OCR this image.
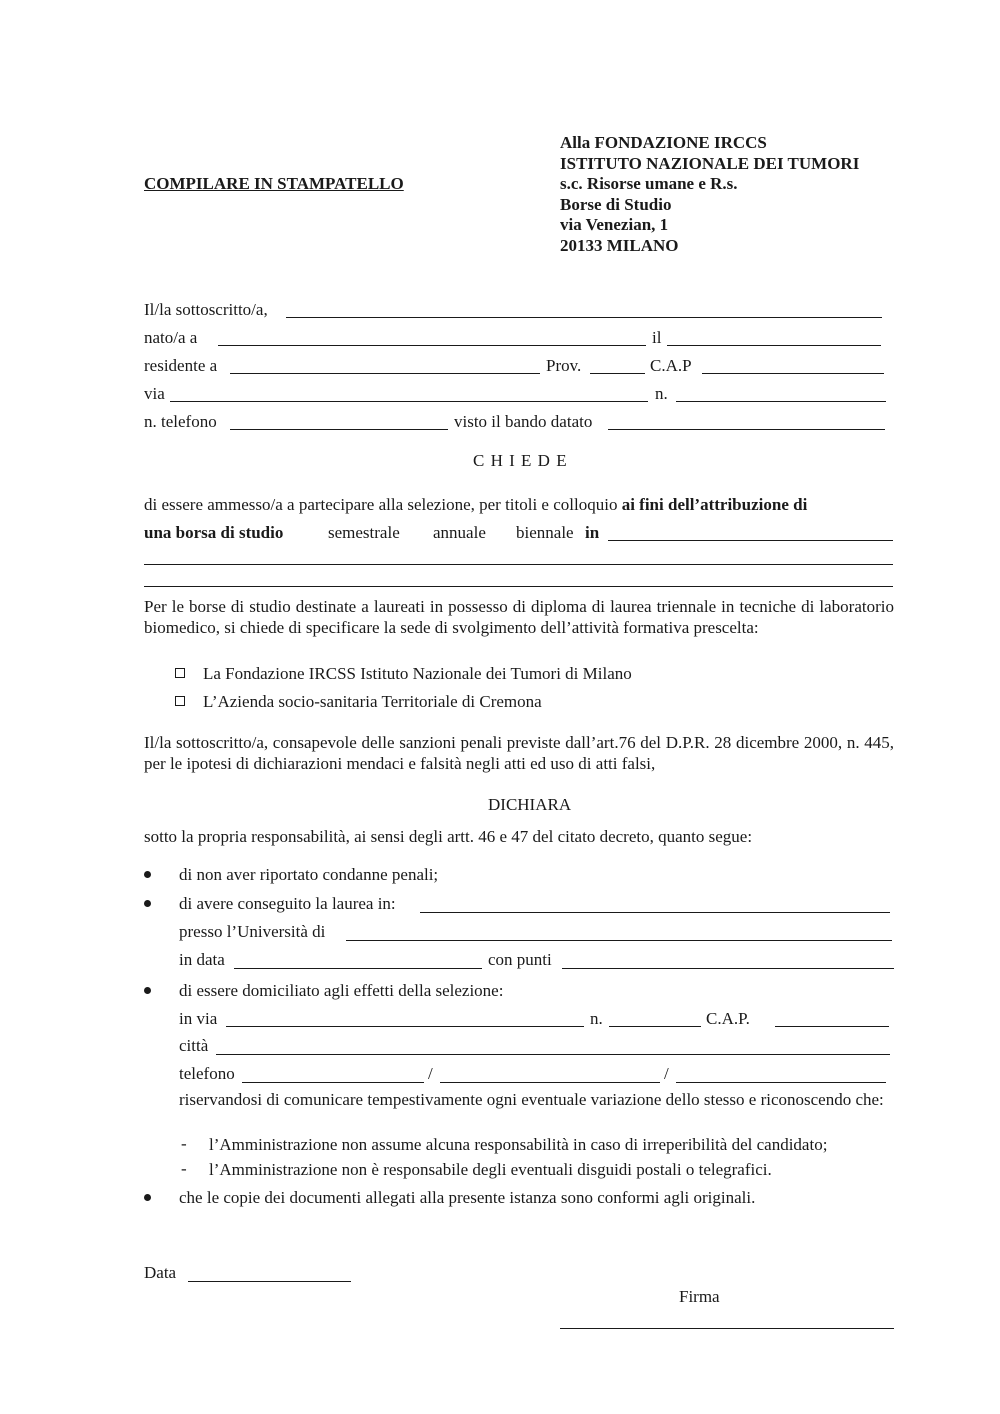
COMPILARE IN STAMPATELLO
Alla FONDAZIONE IRCCS
ISTITUTO NAZIONALE DEI TUMORI
s.c. Risorse umane e R.s.
Borse di Studio
via Venezian, 1
20133 MILANO
Il/la sottoscritto/a,
nato/a a	il
residente a	Prov.	C.A.P
via	n.
n. telefono	visto il bando datato
C H I E D E
di essere ammesso/a a partecipare alla selezione, per titoli e colloquio ai fini dell’attribuzione di
una borsa di studio	semestrale annuale biennale in
Per le borse di studio destinate a laureati in possesso di diploma di laurea triennale in tecniche di laboratorio biomedico, si chiede di specificare la sede di svolgimento dell’attività formativa prescelta:
La Fondazione IRCSS Istituto Nazionale dei Tumori di Milano
L’Azienda socio-sanitaria Territoriale di Cremona
Il/la sottoscritto/a, consapevole delle sanzioni penali previste dall’art.76 del D.P.R. 28 dicembre 2000, n. 445, per le ipotesi di dichiarazioni mendaci e falsità negli atti ed uso di atti falsi,
DICHIARA
sotto la propria responsabilità, ai sensi degli artt. 46 e 47 del citato decreto, quanto segue:
di non aver riportato condanne penali;
di avere conseguito la laurea in:
presso l’Università di
in data	con punti
di essere domiciliato agli effetti della selezione:
in via	n.	C.A.P.
città
telefono	/	/
riservandosi di comunicare tempestivamente ogni eventuale variazione dello stesso e riconoscendo che:
- l’Amministrazione non assume alcuna responsabilità in caso di irreperibilità del candidato;
- l’Amministrazione non è responsabile degli eventuali disguidi postali o telegrafici.
che le copie dei documenti allegati alla presente istanza sono conformi agli originali.
Data
Firma
